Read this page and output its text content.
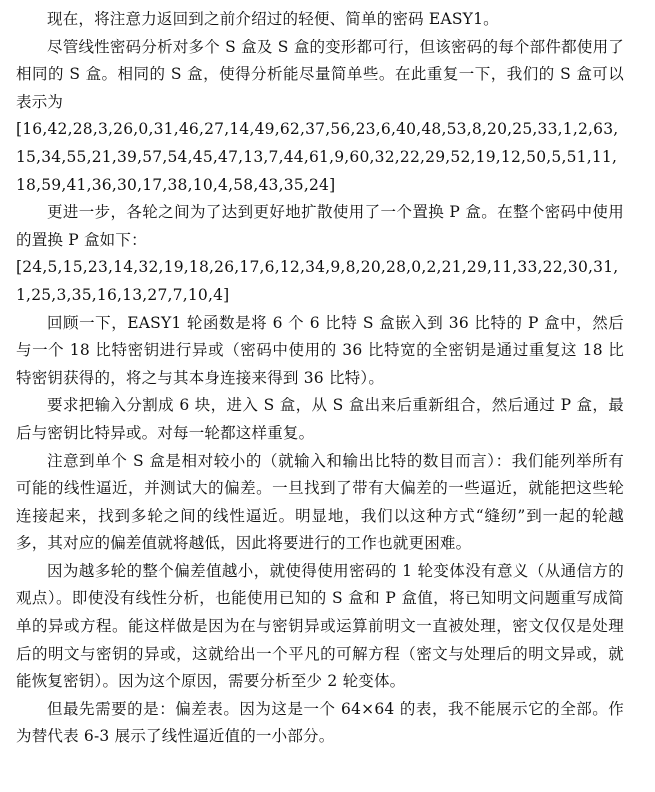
现在，将注意力返回到之前介绍过的轻便、简单的密码 EASY1。

尽管线性密码分析对多个 S 盒及 S 盒的变形都可行，但该密码的每个部件都使用了相同的 S 盒。相同的 S 盒，使得分析能尽量简单些。在此重复一下，我们的 S 盒可以表示为

[16,42,28,3,26,0,31,46,27,14,49,62,37,56,23,6,40,48,53,8,20,25,33,1,2,63,15,34,55,21,39,57,54,45,47,13,7,44,61,9,60,32,22,29,52,19,12,50,5,51,11,18,59,41,36,30,17,38,10,4,58,43,35,24]

更进一步，各轮之间为了达到更好地扩散使用了一个置换 P 盒。在整个密码中使用的置换 P 盒如下：

[24,5,15,23,14,32,19,18,26,17,6,12,34,9,8,20,28,0,2,21,29,11,33,22,30,31,1,25,3,35,16,13,27,7,10,4]

回顾一下，EASY1 轮函数是将 6 个 6 比特 S 盒嵌入到 36 比特的 P 盒中，然后与一个 18 比特密钥进行异或（密码中使用的 36 比特宽的全密钥是通过重复这 18 比特密钥获得的，将之与其本身连接来得到 36 比特）。

要求把输入分割成 6 块，进入 S 盒，从 S 盒出来后重新组合，然后通过 P 盒，最后与密钥比特异或。对每一轮都这样重复。

注意到单个 S 盒是相对较小的（就输入和输出比特的数目而言）：我们能列举所有可能的线性逼近，并测试大的偏差。一旦找到了带有大偏差的一些逼近，就能把这些轮连接起来，找到多轮之间的线性逼近。明显地，我们以这种方式“缝纫”到一起的轮越多，其对应的偏差值就将越低，因此将要进行的工作也就更困难。

因为越多轮的整个偏差值越小，就使得使用密码的 1 轮变体没有意义（从通信方的观点）。即使没有线性分析，也能使用已知的 S 盒和 P 盒值，将已知明文问题重写成简单的异或方程。能这样做是因为在与密钥异或运算前明文一直被处理，密文仅仅是处理后的明文与密钥的异或，这就给出一个平凡的可解方程（密文与处理后的明文异或，就能恢复密钥）。因为这个原因，需要分析至少 2 轮变体。

但最先需要的是：偏差表。因为这是一个 64×64 的表，我不能展示它的全部。作为替代表 6-3 展示了线性逼近值的一小部分。
